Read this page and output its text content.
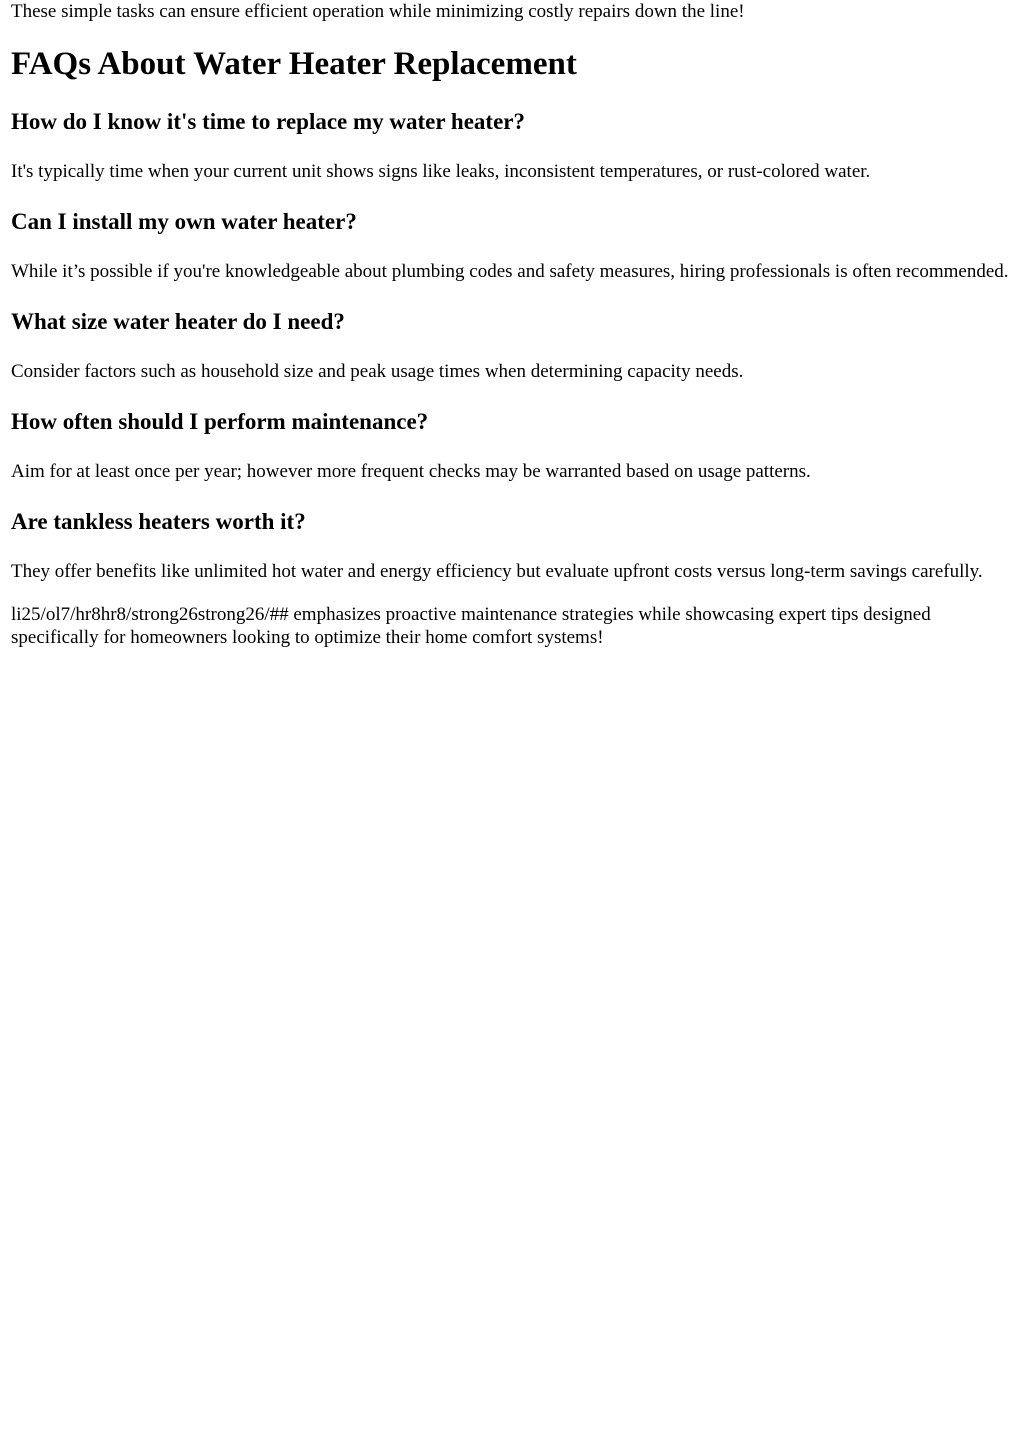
These simple tasks can ensure efficient operation while minimizing costly repairs down the line!

FAQs About Water Heater Replacement
How do I know it's time to replace my water heater?

It's typically time when your current unit shows signs like leaks, inconsistent temperatures, or rust-colored water.

Can I install my own water heater?

While it’s possible if you're knowledgeable about plumbing codes and safety measures, hiring professionals is often recommended.

What size water heater do I need?

Consider factors such as household size and peak usage times when determining capacity needs.

How often should I perform maintenance?

Aim for at least once per year; however more frequent checks may be warranted based on usage patterns.

Are tankless heaters worth it?

They offer benefits like unlimited hot water and energy efficiency but evaluate upfront costs versus long-term savings carefully.

li25/ol7/hr8hr8/strong26strong26/## emphasizes proactive maintenance strategies while showcasing expert tips designed specifically for homeowners looking to optimize their home comfort systems!
